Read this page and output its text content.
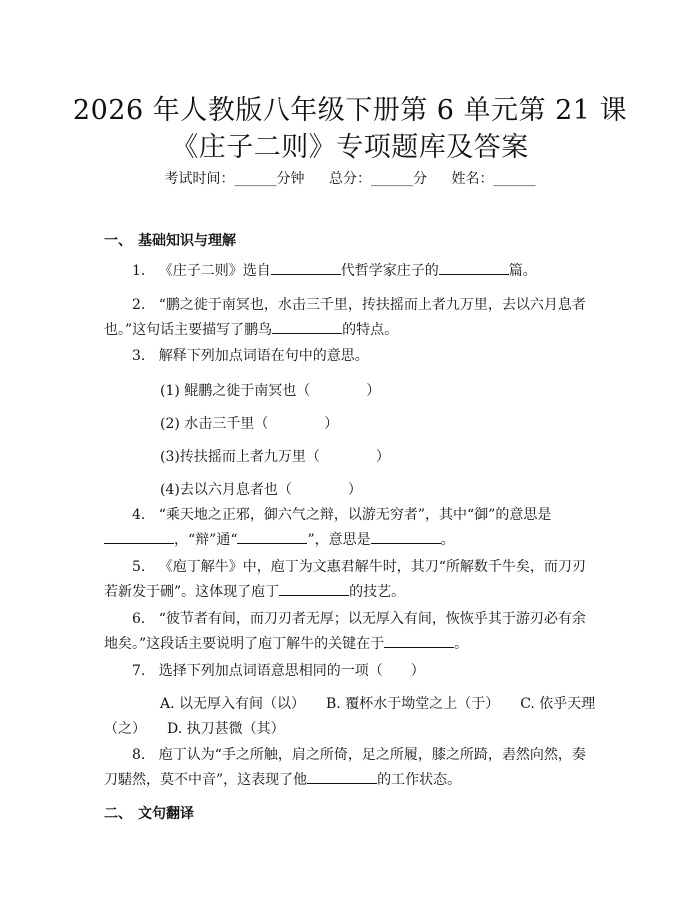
2026 年人教版八年级下册第 6 单元第 21 课
《庄子二则》专项题库及答案
考试时间：______分钟 总分：______分 姓名：______
一、 基础知识与理解
1. 《庄子二则》选自	代哲学家庄子的	篇。
2. “鹏之徙于南冥也，水击三千里，抟扶摇而上者九万里，去以六月息者也。”这句话主要描写了鹏鸟	的特点。
3. 解释下列加点词语在句中的意思。
(1) 鲲鹏之徙于南冥也（　　　　）
(2) 水击三千里（　　　　）
(3)抟扶摇而上者九万里（　　　　）
(4)去以六月息者也（　　　　）
4. “乘天地之正邪，御六气之辩，以游无穷者”，其中“御”的意思是，“辩”通“	”，意思是	。
5. 《庖丁解牛》中，庖丁为文惠君解牛时，其刀“所解数千牛矣，而刀刃若新发于硎”。这体现了庖丁	的技艺。
6. “彼节者有间，而刀刃者无厚；以无厚入有间，恢恢乎其于游刃必有余地矣。”这段话主要说明了庖丁解牛的关键在于	。
7. 选择下列加点词语意思相同的一项（　　）
A. 以无厚入有间（以）　　B. 覆杯水于坳堂之上（于）　　C. 依乎天理（之）　　D. 执刀甚微（其）
8. 庖丁认为“手之所触，肩之所倚，足之所履，膝之所踦，砉然向然，奏刀騞然，莫不中音”，这表现了他	的工作状态。
二、 文句翻译
